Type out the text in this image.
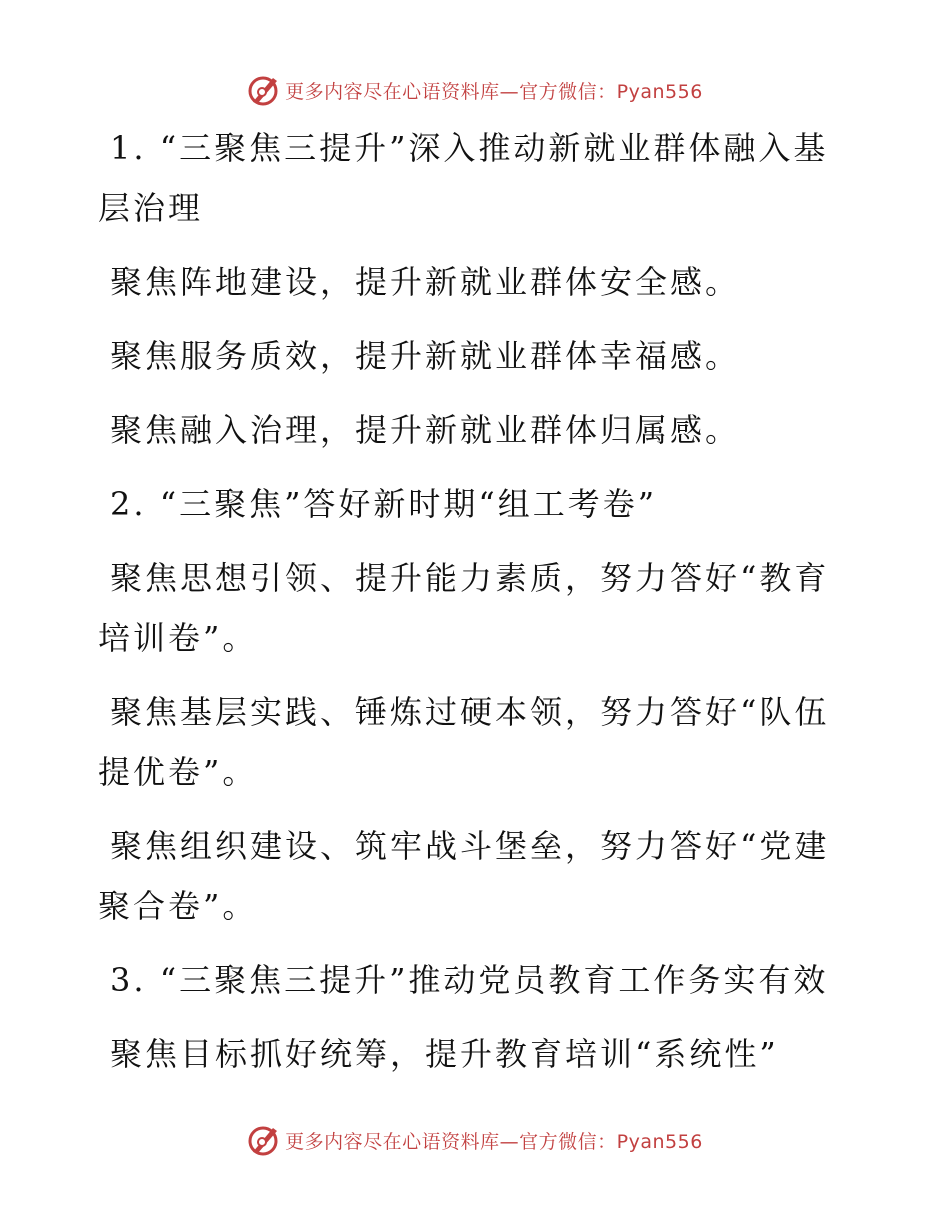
更多内容尽在心语资料库—官方微信：Pyan556

1. “三聚焦三提升”深入推动新就业群体融入基层治理

聚焦阵地建设，提升新就业群体安全感。

聚焦服务质效，提升新就业群体幸福感。

聚焦融入治理，提升新就业群体归属感。

2. “三聚焦”答好新时期“组工考卷”

聚焦思想引领、提升能力素质，努力答好“教育培训卷”。

聚焦基层实践、锤炼过硬本领，努力答好“队伍提优卷”。

聚焦组织建设、筑牢战斗堡垒，努力答好“党建聚合卷”。

3. “三聚焦三提升”推动党员教育工作务实有效

聚焦目标抓好统筹，提升教育培训“系统性”

更多内容尽在心语资料库—官方微信：Pyan556
